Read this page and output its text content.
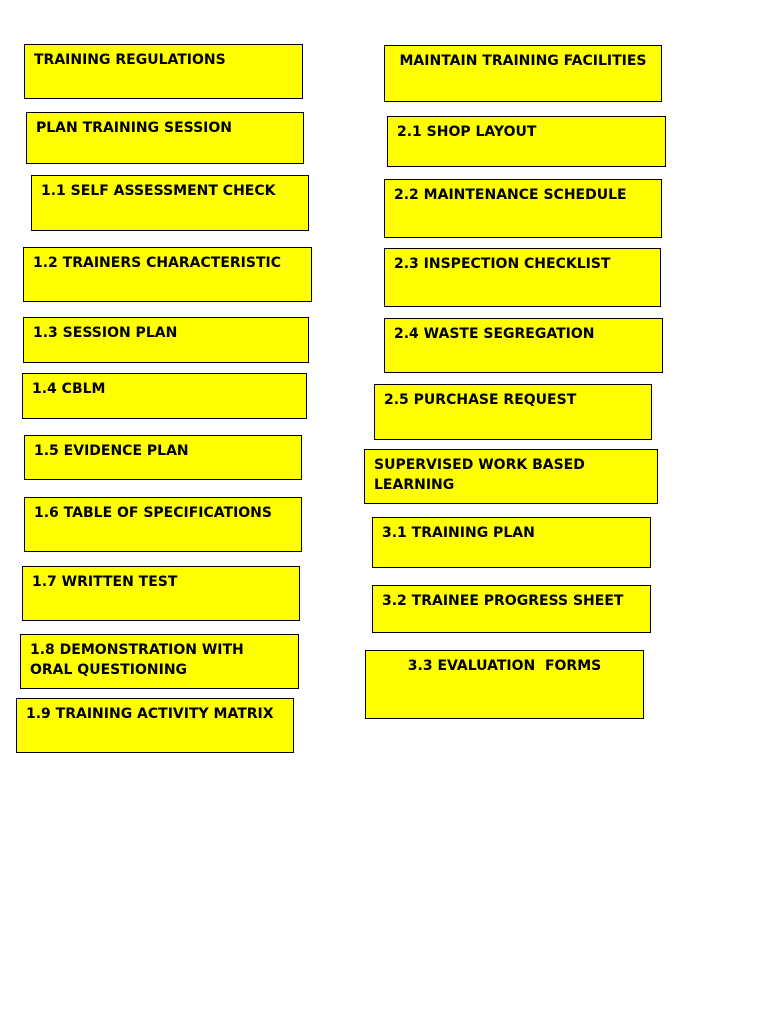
TRAINING REGULATIONS
PLAN TRAINING SESSION
1.1 SELF ASSESSMENT CHECK
1.2 TRAINERS CHARACTERISTIC
1.3 SESSION PLAN
1.4 CBLM
1.5 EVIDENCE PLAN
1.6 TABLE OF SPECIFICATIONS
1.7 WRITTEN TEST
1.8 DEMONSTRATION WITH ORAL QUESTIONING
1.9 TRAINING ACTIVITY MATRIX
MAINTAIN TRAINING FACILITIES
2.1 SHOP LAYOUT
2.2 MAINTENANCE SCHEDULE
2.3 INSPECTION CHECKLIST
2.4 WASTE SEGREGATION
2.5 PURCHASE REQUEST
SUPERVISED WORK BASED LEARNING
3.1 TRAINING PLAN
3.2 TRAINEE PROGRESS SHEET
3.3 EVALUATION  FORMS
